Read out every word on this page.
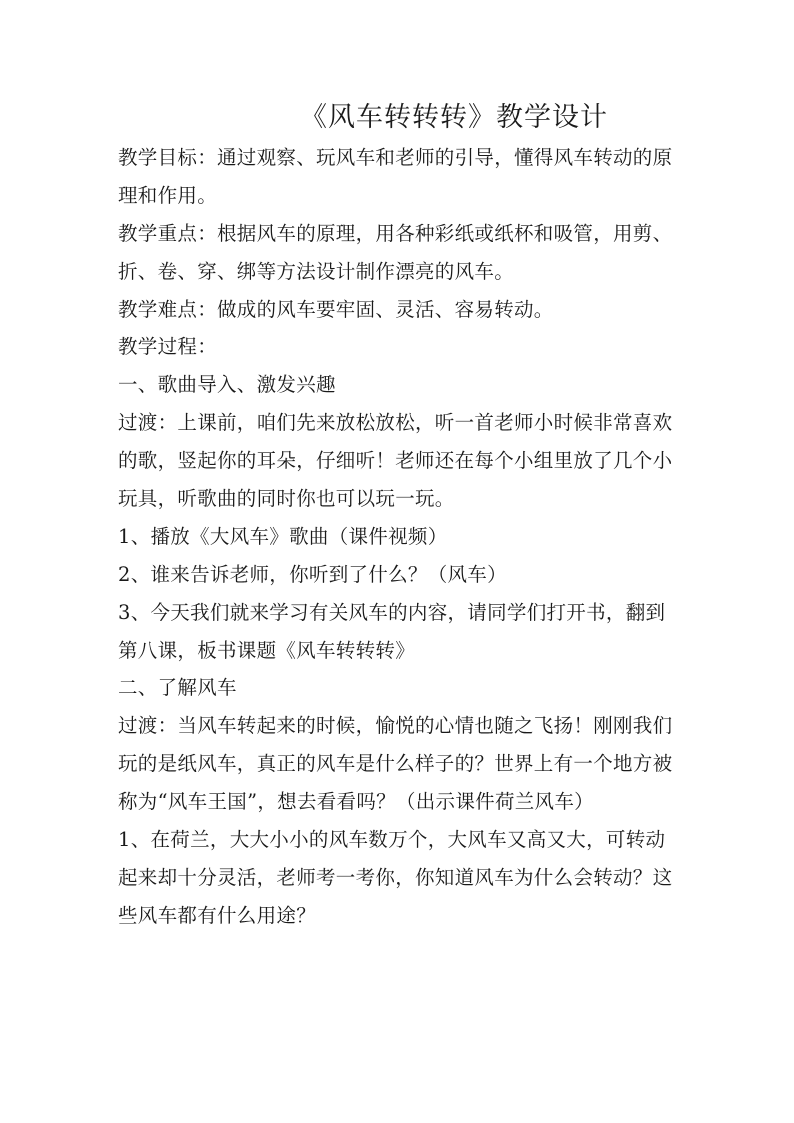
《风车转转转》教学设计
教学目标：通过观察、玩风车和老师的引导，懂得风车转动的原
理和作用。
教学重点：根据风车的原理，用各种彩纸或纸杯和吸管，用剪、
折、卷、穿、绑等方法设计制作漂亮的风车。
教学难点：做成的风车要牢固、灵活、容易转动。
教学过程：
一、歌曲导入、激发兴趣
过渡：上课前，咱们先来放松放松，听一首老师小时候非常喜欢
的歌，竖起你的耳朵，仔细听！老师还在每个小组里放了几个小
玩具，听歌曲的同时你也可以玩一玩。
1、播放《大风车》歌曲（课件视频）
2、谁来告诉老师，你听到了什么？（风车）
3、今天我们就来学习有关风车的内容，请同学们打开书，翻到
第八课，板书课题《风车转转转》
二、了解风车
过渡：当风车转起来的时候，愉悦的心情也随之飞扬！刚刚我们
玩的是纸风车，真正的风车是什么样子的？世界上有一个地方被
称为“风车王国”，想去看看吗？（出示课件荷兰风车）
1、在荷兰，大大小小的风车数万个，大风车又高又大，可转动
起来却十分灵活，老师考一考你，你知道风车为什么会转动？这
些风车都有什么用途？
